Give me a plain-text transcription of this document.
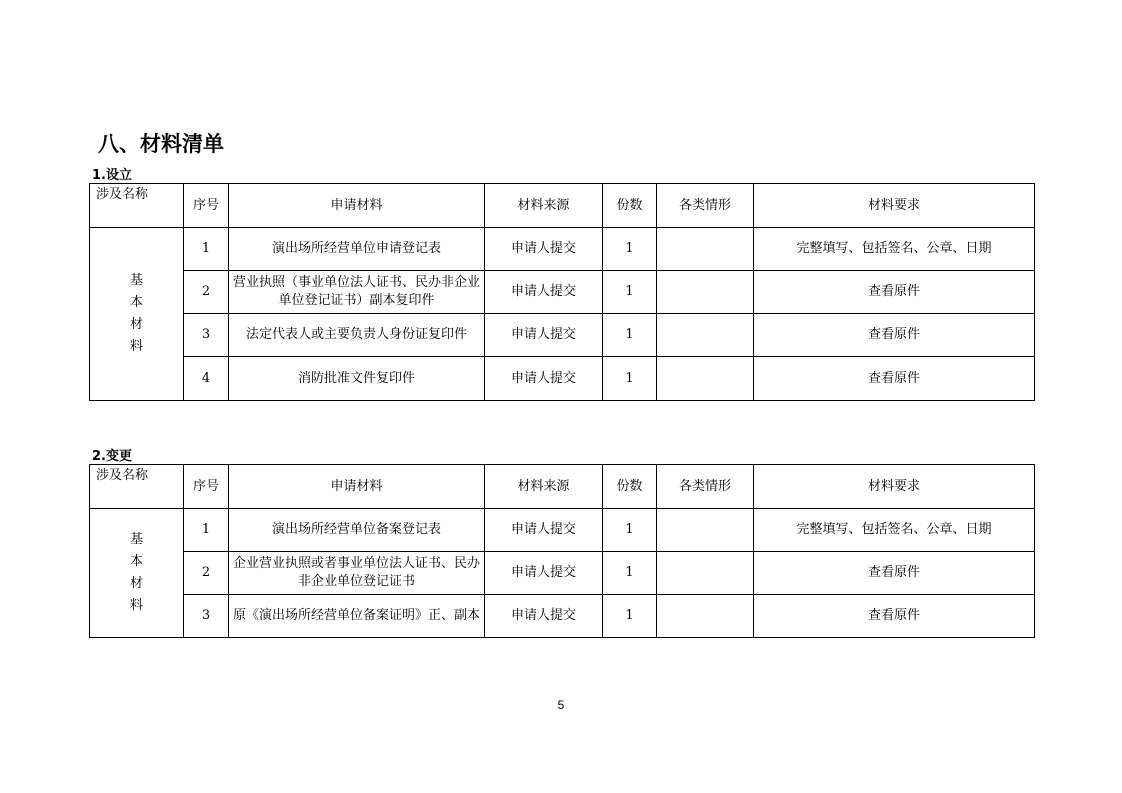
八、材料清单
1.设立
涉及名称	序号	申请材料	材料来源	份数	各类情形	材料要求

基
本
材
料	1	演出场所经营单位申请登记表	申请人提交	1		完整填写、包括签名、公章、日期
	2	营业执照（事业单位法人证书、民办非企业单位登记证书）副本复印件	申请人提交	1		查看原件
	3	法定代表人或主要负责人身份证复印件	申请人提交	1		查看原件
	4	消防批准文件复印件	申请人提交	1		查看原件
2.变更
涉及名称	序号	申请材料	材料来源	份数	各类情形	材料要求

基
本
材
料	1	演出场所经营单位备案登记表	申请人提交	1		完整填写、包括签名、公章、日期
	2	企业营业执照或者事业单位法人证书、民办非企业单位登记证书	申请人提交	1		查看原件
	3	原《演出场所经营单位备案证明》正、副本	申请人提交	1		查看原件
5
